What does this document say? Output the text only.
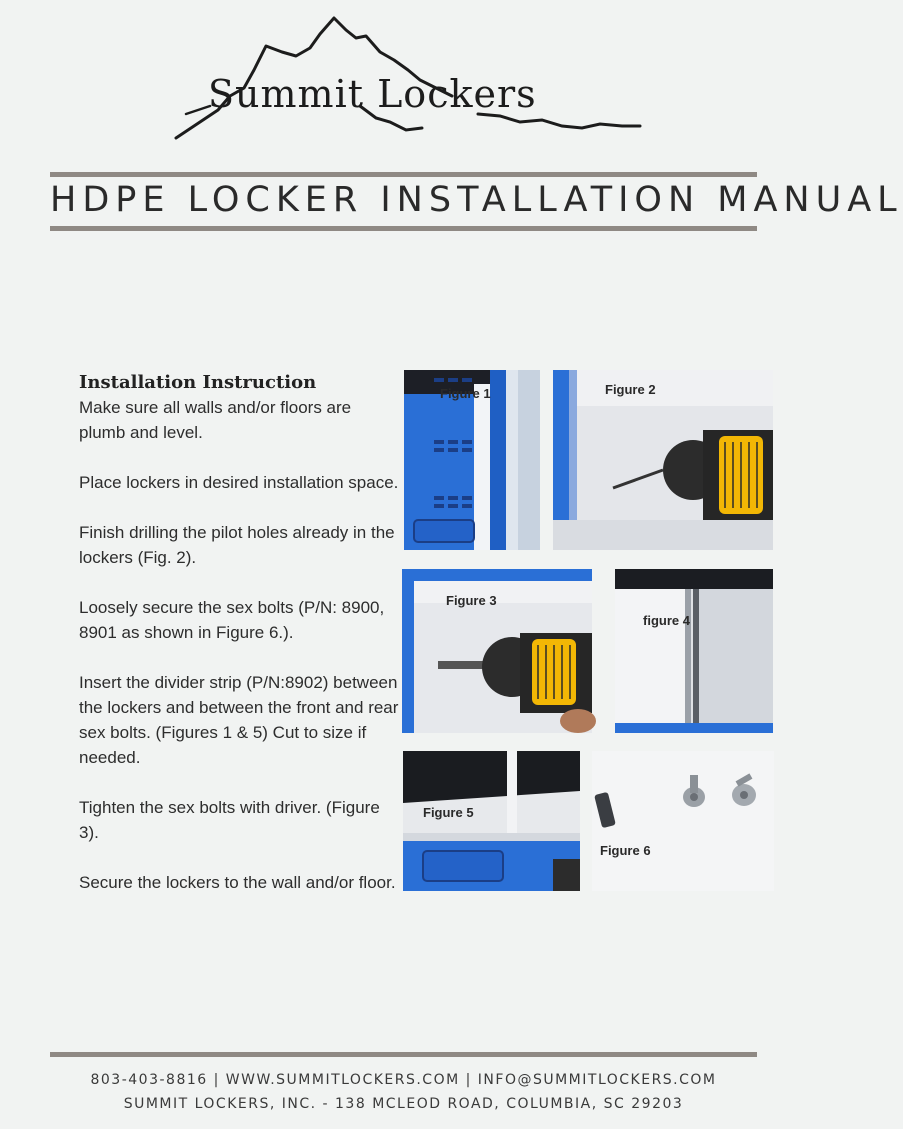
Summit Lockers
HDPE LOCKER INSTALLATION MANUAL
Installation Instruction

Make sure all walls and/or floors are plumb and level.

Place lockers in desired installation space.

Finish drilling the pilot holes already in the lockers (Fig. 2).

Loosely secure the sex bolts (P/N: 8900, 8901 as shown in Figure 6.).

Insert the divider strip (P/N:8902) between the lockers and between the front and rear sex bolts. (Figures 1 & 5) Cut to size if needed.

Tighten the sex bolts with driver. (Figure 3).

Secure the lockers to the wall and/or floor.

Figure 1	Figure 2
Figure 3
figure 4
Figure 5
Figure 6
803-403-8816 | WWW.SUMMITLOCKERS.COM | INFO@SUMMITLOCKERS.COM
SUMMIT LOCKERS, INC. - 138 MCLEOD ROAD, COLUMBIA, SC 29203
